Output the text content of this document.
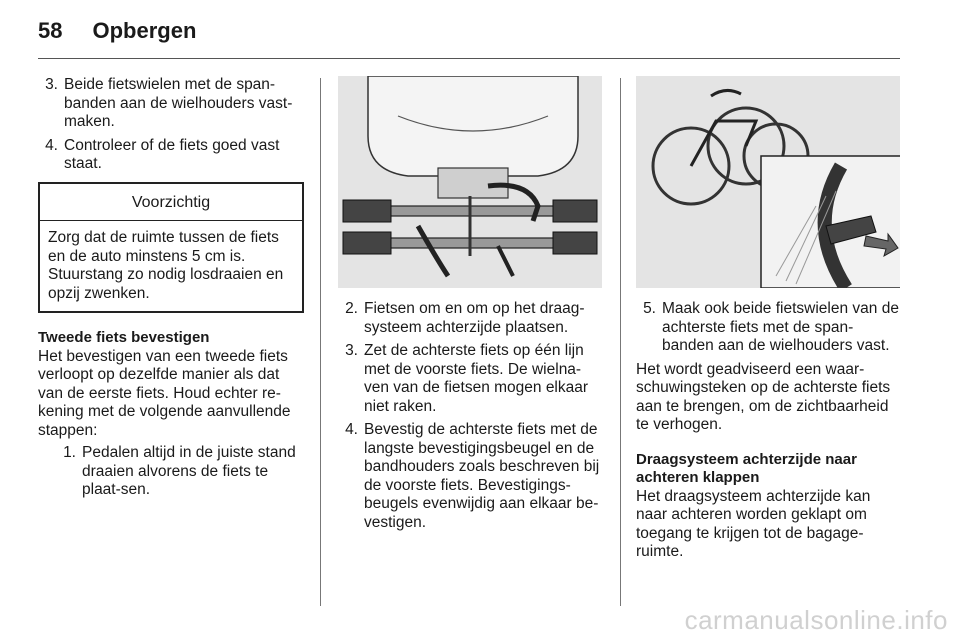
58 Opbergen
3. Beide fietswielen met de span-banden aan de wielhouders vast-maken.
4. Controleer of de fiets goed vast staat.
Voorzichtig
Zorg dat de ruimte tussen de fiets en de auto minstens 5 cm is. Stuurstang zo nodig losdraaien en opzij zwenken.
Tweede fiets bevestigen
Het bevestigen van een tweede fiets verloopt op dezelfde manier als dat van de eerste fiets. Houd echter re-kening met de volgende aanvullende stappen:
1. Pedalen altijd in de juiste stand draaien alvorens de fiets te plaat-sen.
2. Fietsen om en om op het draag-systeem achterzijde plaatsen.
3. Zet de achterste fiets op één lijn met de voorste fiets. De wielna-ven van de fietsen mogen elkaar niet raken.
4. Bevestig de achterste fiets met de langste bevestigingsbeugel en de bandhouders zoals beschreven bij de voorste fiets. Bevestigings-beugels evenwijdig aan elkaar be-vestigen.
5. Maak ook beide fietswielen van de achterste fiets met de span-banden aan de wielhouders vast.
Het wordt geadviseerd een waar-schuwingsteken op de achterste fiets aan te brengen, om de zichtbaarheid te verhogen.
Draagsysteem achterzijde naar achteren klappen
Het draagsysteem achterzijde kan naar achteren worden geklapt om toegang te krijgen tot de bagage-ruimte.
carmanualsonline.info
